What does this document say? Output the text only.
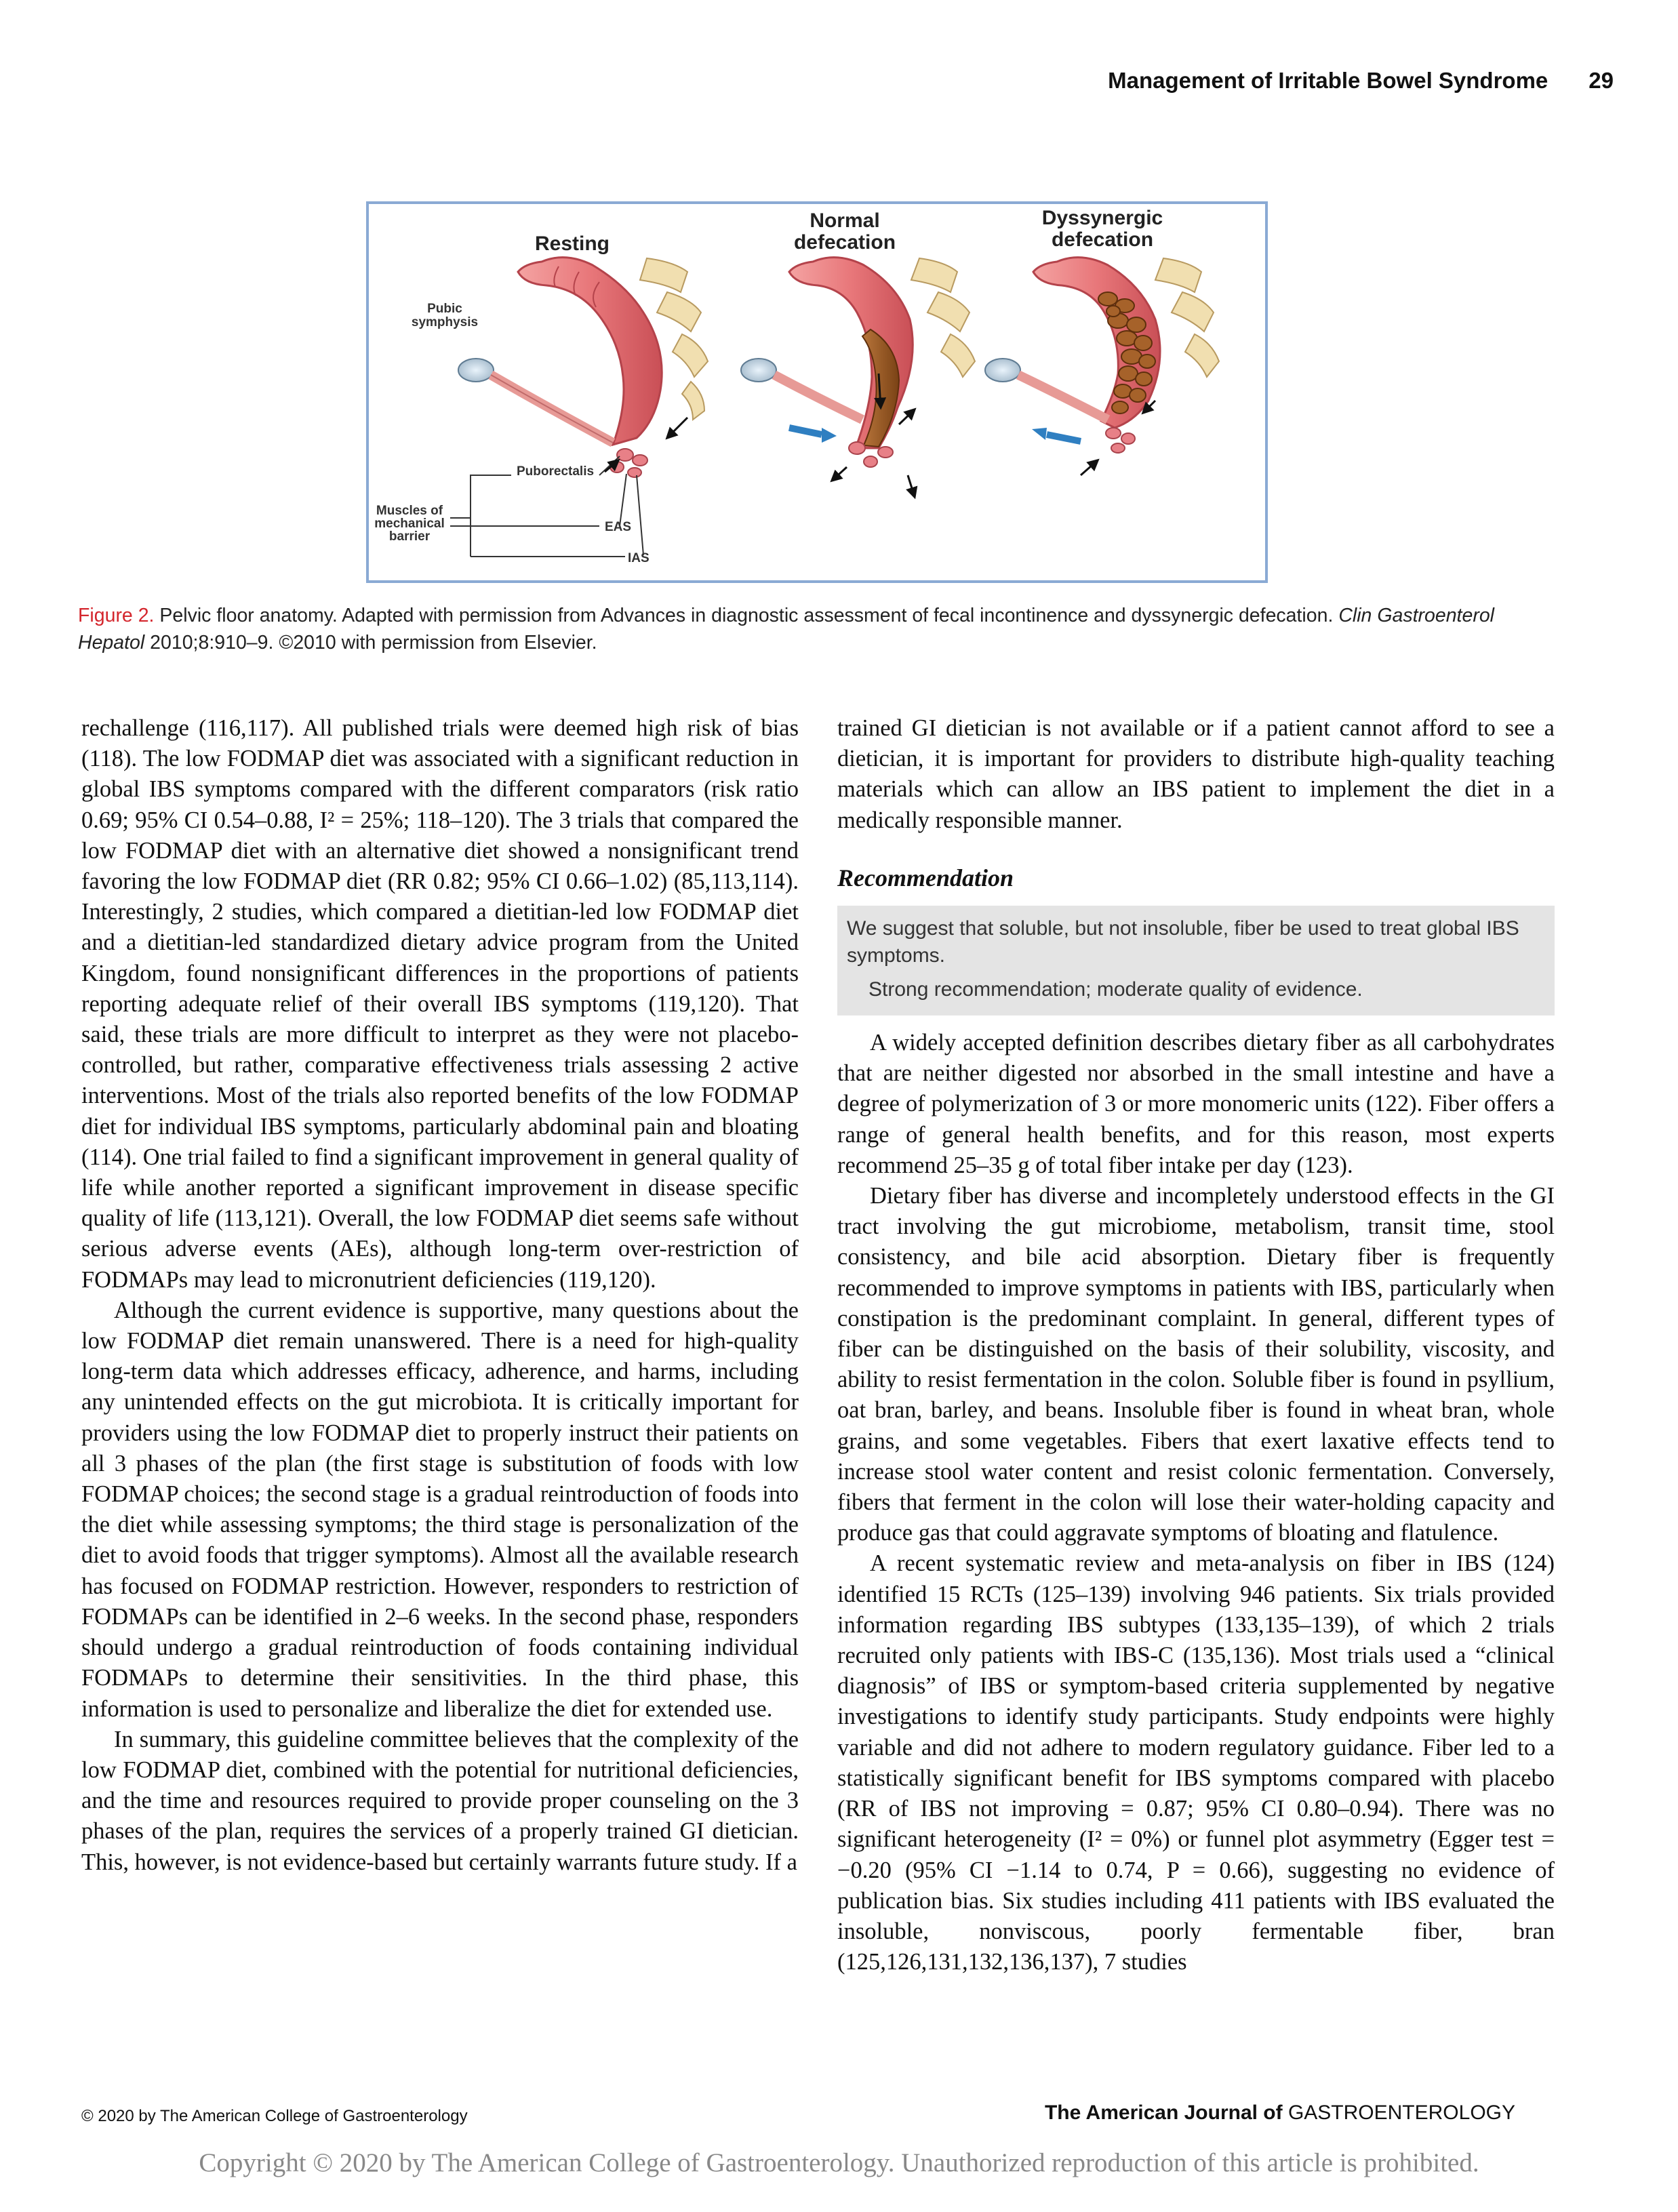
Management of Irritable Bowel Syndrome 29
Resting
Normal
defecation
Dyssynergic
defecation
Pubic
symphysis
Puborectalis
Muscles of
mechanical
barrier
EAS
IAS
Figure 2. Pelvic floor anatomy. Adapted with permission from Advances in diagnostic assessment of fecal incontinence and dyssynergic defecation. Clin Gastroenterol Hepatol 2010;8:910–9. ©2010 with permission from Elsevier.

rechallenge (116,117). All published trials were deemed high risk of bias (118). The low FODMAP diet was associated with a significant reduction in global IBS symptoms compared with the different comparators (risk ratio 0.69; 95% CI 0.54–0.88, I² = 25%; 118–120). The 3 trials that compared the low FODMAP diet with an alternative diet showed a nonsignificant trend favoring the low FODMAP diet (RR 0.82; 95% CI 0.66–1.02) (85,113,114). Interestingly, 2 studies, which compared a dietitian-led low FODMAP diet and a dietitian-led standardized dietary advice program from the United Kingdom, found nonsignificant differences in the proportions of patients reporting adequate relief of their overall IBS symptoms (119,120). That said, these trials are more difficult to interpret as they were not placebo-controlled, but rather, comparative effectiveness trials assessing 2 active interventions. Most of the trials also reported benefits of the low FODMAP diet for individual IBS symptoms, particularly abdominal pain and bloating (114). One trial failed to find a significant improvement in general quality of life while another reported a significant improvement in disease specific quality of life (113,121). Overall, the low FODMAP diet seems safe without serious adverse events (AEs), although long-term over-restriction of FODMAPs may lead to micronutrient deficiencies (119,120).

Although the current evidence is supportive, many questions about the low FODMAP diet remain unanswered. There is a need for high-quality long-term data which addresses efficacy, adherence, and harms, including any unintended effects on the gut microbiota. It is critically important for providers using the low FODMAP diet to properly instruct their patients on all 3 phases of the plan (the first stage is substitution of foods with low FODMAP choices; the second stage is a gradual reintroduction of foods into the diet while assessing symptoms; the third stage is personalization of the diet to avoid foods that trigger symptoms). Almost all the available research has focused on FODMAP restriction. However, responders to restriction of FODMAPs can be identified in 2–6 weeks. In the second phase, responders should undergo a gradual reintroduction of foods containing individual FODMAPs to determine their sensitivities. In the third phase, this information is used to personalize and liberalize the diet for extended use.

In summary, this guideline committee believes that the complexity of the low FODMAP diet, combined with the potential for nutritional deficiencies, and the time and resources required to provide proper counseling on the 3 phases of the plan, requires the services of a properly trained GI dietician. This, however, is not evidence-based but certainly warrants future study. If a

trained GI dietician is not available or if a patient cannot afford to see a dietician, it is important for providers to distribute high-quality teaching materials which can allow an IBS patient to implement the diet in a medically responsible manner.

Recommendation
We suggest that soluble, but not insoluble, fiber be used to treat global IBS symptoms.
Strong recommendation; moderate quality of evidence.

A widely accepted definition describes dietary fiber as all carbohydrates that are neither digested nor absorbed in the small intestine and have a degree of polymerization of 3 or more monomeric units (122). Fiber offers a range of general health benefits, and for this reason, most experts recommend 25–35 g of total fiber intake per day (123).

Dietary fiber has diverse and incompletely understood effects in the GI tract involving the gut microbiome, metabolism, transit time, stool consistency, and bile acid absorption. Dietary fiber is frequently recommended to improve symptoms in patients with IBS, particularly when constipation is the predominant complaint. In general, different types of fiber can be distinguished on the basis of their solubility, viscosity, and ability to resist fermentation in the colon. Soluble fiber is found in psyllium, oat bran, barley, and beans. Insoluble fiber is found in wheat bran, whole grains, and some vegetables. Fibers that exert laxative effects tend to increase stool water content and resist colonic fermentation. Conversely, fibers that ferment in the colon will lose their water-holding capacity and produce gas that could aggravate symptoms of bloating and flatulence.

A recent systematic review and meta-analysis on fiber in IBS (124) identified 15 RCTs (125–139) involving 946 patients. Six trials provided information regarding IBS subtypes (133,135–139), of which 2 trials recruited only patients with IBS-C (135,136). Most trials used a “clinical diagnosis” of IBS or symptom-based criteria supplemented by negative investigations to identify study participants. Study endpoints were highly variable and did not adhere to modern regulatory guidance. Fiber led to a statistically significant benefit for IBS symptoms compared with placebo (RR of IBS not improving = 0.87; 95% CI 0.80–0.94). There was no significant heterogeneity (I² = 0%) or funnel plot asymmetry (Egger test = −0.20 (95% CI −1.14 to 0.74, P = 0.66), suggesting no evidence of publication bias. Six studies including 411 patients with IBS evaluated the insoluble, nonviscous, poorly fermentable fiber, bran (125,126,131,132,136,137), 7 studies

© 2020 by The American College of Gastroenterology	The American Journal of GASTROENTEROLOGY
Copyright © 2020 by The American College of Gastroenterology. Unauthorized reproduction of this article is prohibited.
